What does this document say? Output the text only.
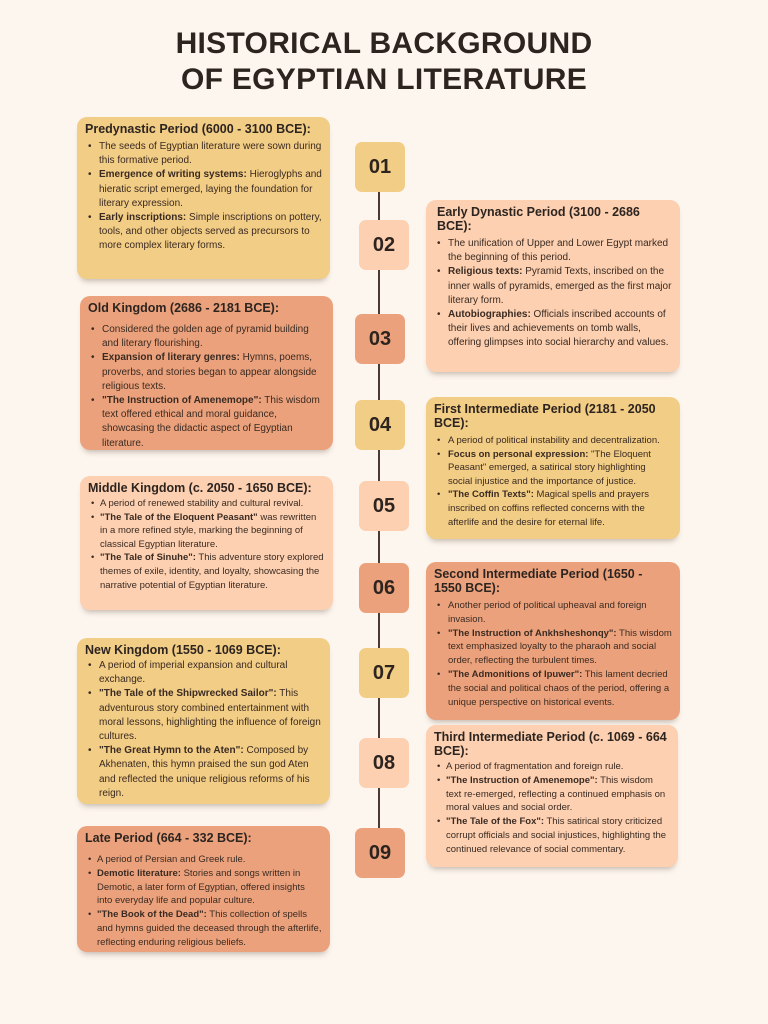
HISTORICAL BACKGROUND
OF EGYPTIAN LITERATURE
01
02
03
04
05
06
07
08
09
Predynastic Period (6000 - 3100 BCE):
• The seeds of Egyptian literature were sown during this formative period.
• Emergence of writing systems: Hieroglyphs and hieratic script emerged, laying the foundation for literary expression.
• Early inscriptions: Simple inscriptions on pottery, tools, and other objects served as precursors to more complex literary forms.
Early Dynastic Period (3100 - 2686 BCE):
• The unification of Upper and Lower Egypt marked the beginning of this period.
• Religious texts: Pyramid Texts, inscribed on the inner walls of pyramids, emerged as the first major literary form.
• Autobiographies: Officials inscribed accounts of their lives and achievements on tomb walls, offering glimpses into social hierarchy and values.
Old Kingdom (2686 - 2181 BCE):
• Considered the golden age of pyramid building and literary flourishing.
• Expansion of literary genres: Hymns, poems, proverbs, and stories began to appear alongside religious texts.
• "The Instruction of Amenemope": This wisdom text offered ethical and moral guidance, showcasing the didactic aspect of Egyptian literature.
First Intermediate Period (2181 - 2050 BCE):
• A period of political instability and decentralization.
• Focus on personal expression: "The Eloquent Peasant" emerged, a satirical story highlighting social injustice and the importance of justice.
• "The Coffin Texts": Magical spells and prayers inscribed on coffins reflected concerns with the afterlife and the desire for eternal life.
Middle Kingdom (c. 2050 - 1650 BCE):
• A period of renewed stability and cultural revival.
• "The Tale of the Eloquent Peasant" was rewritten in a more refined style, marking the beginning of classical Egyptian literature.
• "The Tale of Sinuhe": This adventure story explored themes of exile, identity, and loyalty, showcasing the narrative potential of Egyptian literature.
Second Intermediate Period (1650 - 1550 BCE):
• Another period of political upheaval and foreign invasion.
• "The Instruction of Ankhsheshonqy": This wisdom text emphasized loyalty to the pharaoh and social order, reflecting the turbulent times.
• "The Admonitions of Ipuwer": This lament decried the social and political chaos of the period, offering a unique perspective on historical events.
New Kingdom (1550 - 1069 BCE):
• A period of imperial expansion and cultural exchange.
• "The Tale of the Shipwrecked Sailor": This adventurous story combined entertainment with moral lessons, highlighting the influence of foreign cultures.
• "The Great Hymn to the Aten": Composed by Akhenaten, this hymn praised the sun god Aten and reflected the unique religious reforms of his reign.
Third Intermediate Period (c. 1069 - 664 BCE):
• A period of fragmentation and foreign rule.
• "The Instruction of Amenemope": This wisdom text re-emerged, reflecting a continued emphasis on moral values and social order.
• "The Tale of the Fox": This satirical story criticized corrupt officials and social injustices, highlighting the continued relevance of social commentary.
Late Period (664 - 332 BCE):
• A period of Persian and Greek rule.
• Demotic literature: Stories and songs written in Demotic, a later form of Egyptian, offered insights into everyday life and popular culture.
• "The Book of the Dead": This collection of spells and hymns guided the deceased through the afterlife, reflecting enduring religious beliefs.
